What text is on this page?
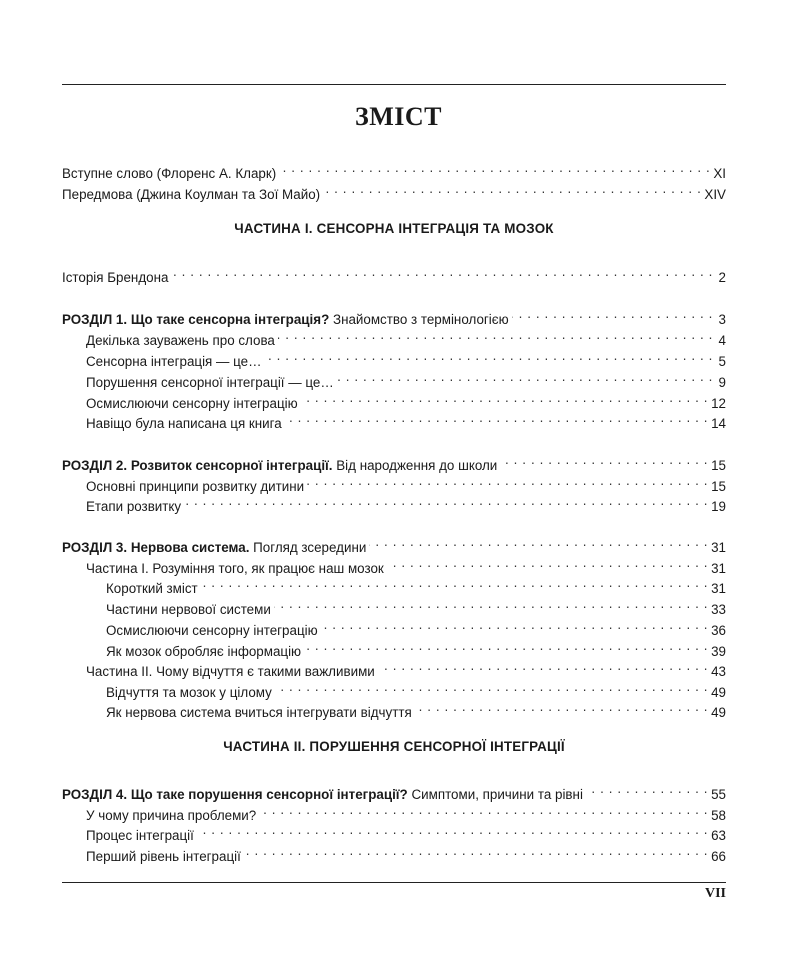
ЗМІСТ
Вступне слово (Флоренс А. Кларк) . . .	XI
Передмова (Джина Коулман та Зої Майо) . . .	XIV
ЧАСТИНА І. СЕНСОРНА ІНТЕГРАЦІЯ ТА МОЗОК
Історія Брендона . . .	2
РОЗДІЛ 1. Що таке сенсорна інтеграція? Знайомство з термінологією . . .	3
Декілька зауважень про слова . . .	4
Сенсорна інтеграція — це… . . .	5
Порушення сенсорної інтеграції — це… . . .	9
Осмислюючи сенсорну інтеграцію . . .	12
Навіщо була написана ця книга . . .	14
РОЗДІЛ 2. Розвиток сенсорної інтеграції. Від народження до школи . . .	15
Основні принципи розвитку дитини . . .	15
Етапи розвитку . . .	19
РОЗДІЛ 3. Нервова система. Погляд зсередини . . .	31
Частина І. Розуміння того, як працює наш мозок . . .	31
Короткий зміст . . .	31
Частини нервової системи . . .	33
Осмислюючи сенсорну інтеграцію . . .	36
Як мозок обробляє інформацію . . .	39
Частина ІІ. Чому відчуття є такими важливими . . .	43
Відчуття та мозок у цілому . . .	49
Як нервова система вчиться інтегрувати відчуття . . .	49
ЧАСТИНА ІІ. ПОРУШЕННЯ СЕНСОРНОЇ ІНТЕГРАЦІЇ
РОЗДІЛ 4. Що таке порушення сенсорної інтеграції? Симптоми, причини та рівні . . .	55
У чому причина проблеми? . . .	58
Процес інтеграції . . .	63
Перший рівень інтеграції . . .	66
VII
